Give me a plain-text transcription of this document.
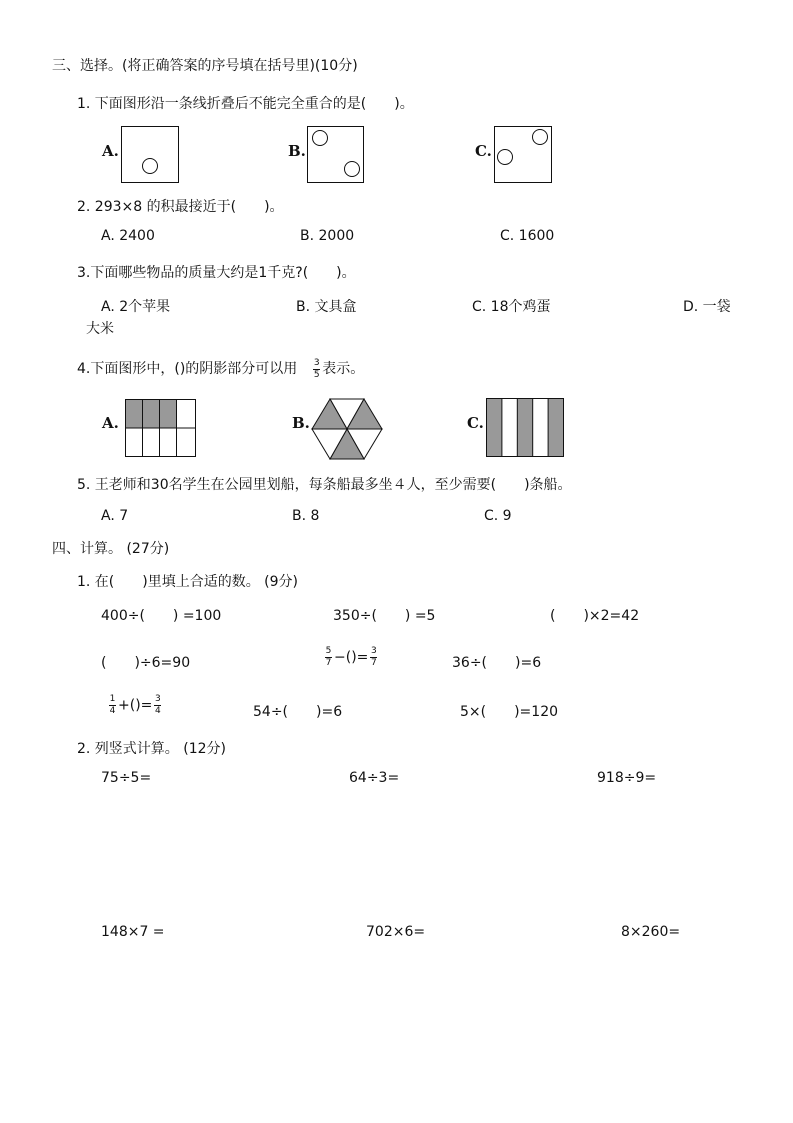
三、选择。(将正确答案的序号填在括号里)(10分)
1. 下面图形沿一条线折叠后不能完全重合的是(　　)。
A.	B.	C.
2. 293×8 的积最接近于(　　)。
A. 2400	B. 2000	C. 1600
3.下面哪些物品的质量大约是1千克?(　　)。
A. 2个苹果	B. 文具盒	C. 18个鸡蛋	D. 一袋
大米
4.下面图形中，()的阴影部分可以用 $\frac{3}{5}$ 表示。
A.	B.	C.
5. 王老师和30名学生在公园里划船，每条船最多坐４人，至少需要(　　)条船。
A. 7	B. 8	C. 9
四、计算。 (27分)
1. 在(　　)里填上合适的数。 (9分)
400÷(　　) =100	350÷(　　) =5	(　　)×2=42
(　　)÷6=90	$\frac{5}{7}$ −()= $\frac{3}{7}$	36÷(　　)=6
$\frac{1}{4}$ +()= $\frac{3}{4}$	54÷(　　)=6	5×(　　)=120
2. 列竖式计算。 (12分)
75÷5=	64÷3=	918÷9=
148×7 =	702×6=	8×260=
